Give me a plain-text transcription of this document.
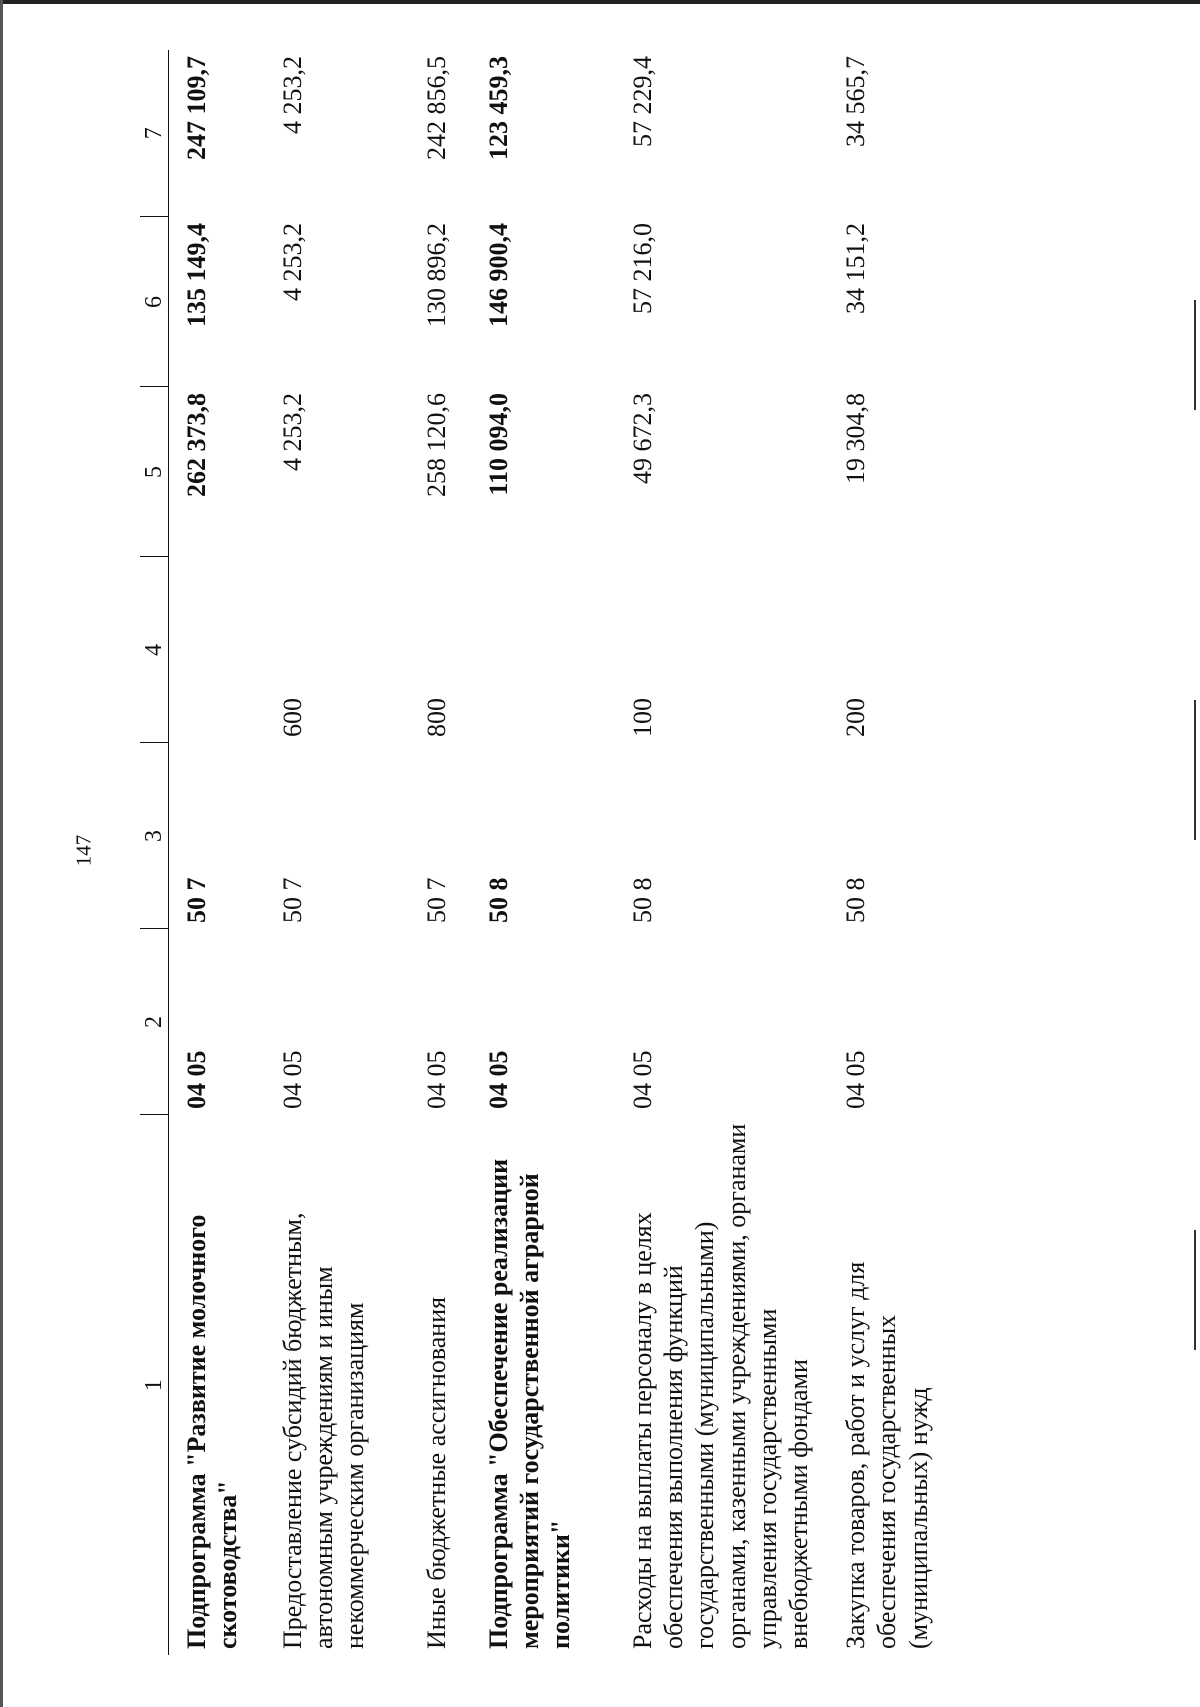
147
1	2	3	4	5	6	7
Подпрограмма "Развитие молочного скотоводства"	04 05	50 7		262 373,8	135 149,4	247 109,7
Предоставление субсидий бюджетным, автономным учреждениям и иным некоммерческим организациям	04 05	50 7	600	4 253,2	4 253,2	4 253,2
Иные бюджетные ассигнования	04 05	50 7	800	258 120,6	130 896,2	242 856,5
Подпрограмма "Обеспечение реализации мероприятий государственной аграрной политики"	04 05	50 8		110 094,0	146 900,4	123 459,3
Расходы на выплаты персоналу в целях обеспечения выполнения функций государственными (муниципальными) органами, казенными учреждениями, органами управления государственными внебюджетными фондами	04 05	50 8	100	49 672,3	57 216,0	57 229,4
Закупка товаров, работ и услуг для обеспечения государственных (муниципальных) нужд	04 05	50 8	200	19 304,8	34 151,2	34 565,7
